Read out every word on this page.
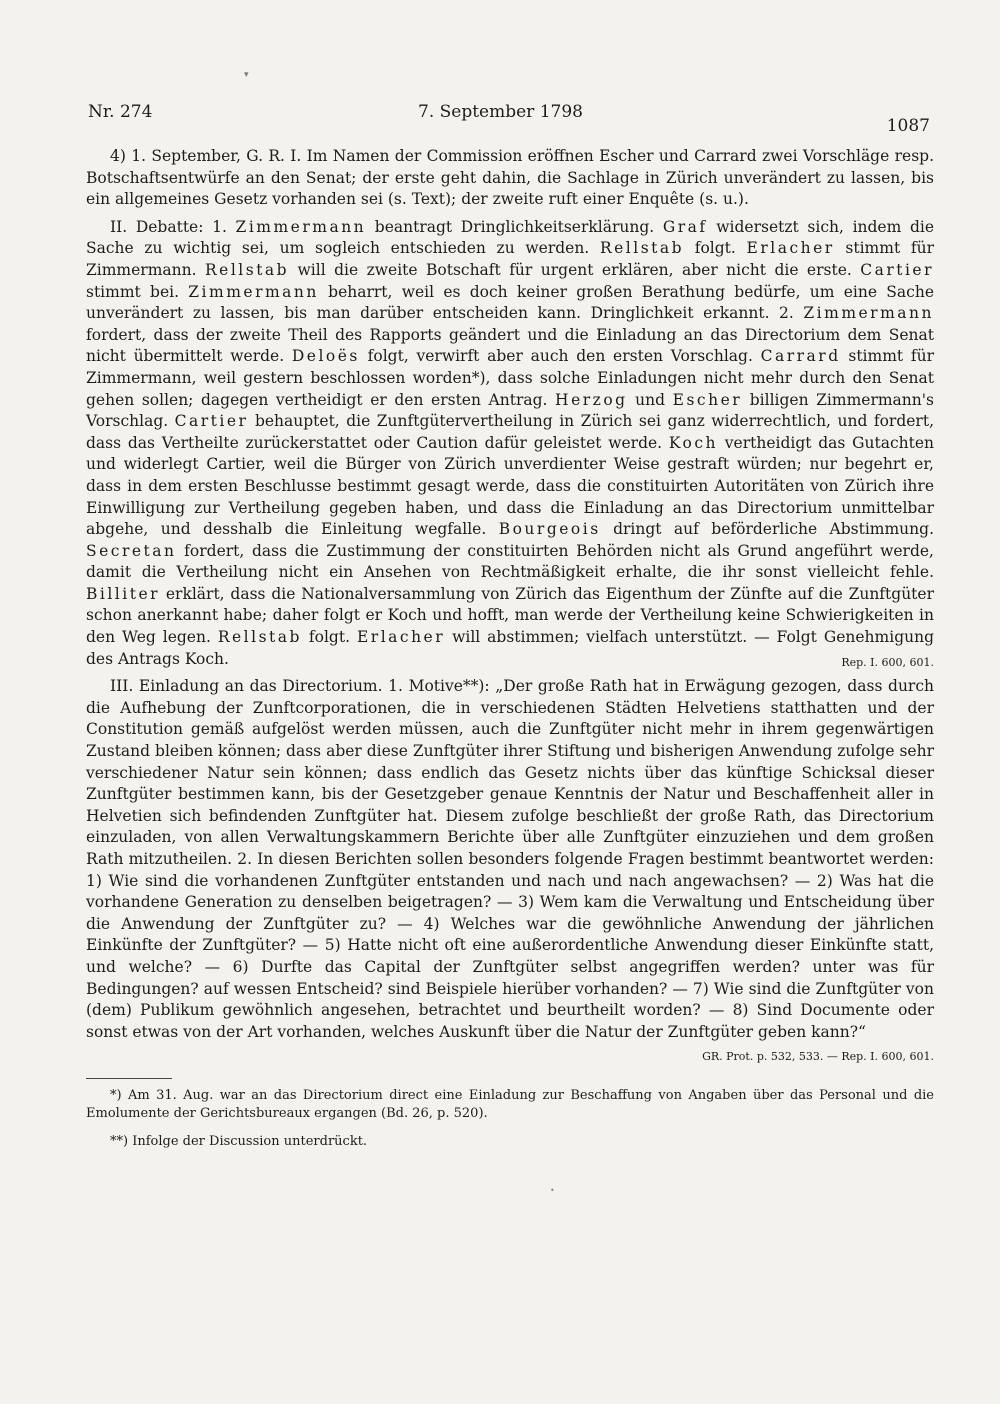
▾
Nr. 274	7. September 1798
1087

4) 1. September, G. R. I. Im Namen der Commission eröffnen Escher und Carrard zwei Vorschläge resp. Botschaftsentwürfe an den Senat; der erste geht dahin, die Sachlage in Zürich unverändert zu lassen, bis ein allgemeines Gesetz vorhanden sei (s. Text); der zweite ruft einer Enquête (s. u.).

II. Debatte: 1. Zimmermann beantragt Dringlichkeitserklärung. Graf widersetzt sich, indem die Sache zu wichtig sei, um sogleich entschieden zu werden. Rellstab folgt. Erlacher stimmt für Zimmermann. Rellstab will die zweite Botschaft für urgent erklären, aber nicht die erste. Cartier stimmt bei. Zimmermann beharrt, weil es doch keiner großen Berathung bedürfe, um eine Sache unverändert zu lassen, bis man darüber entscheiden kann. Dringlichkeit erkannt. 2. Zimmermann fordert, dass der zweite Theil des Rapports geändert und die Einladung an das Directorium dem Senat nicht übermittelt werde. Deloës folgt, verwirft aber auch den ersten Vorschlag. Carrard stimmt für Zimmermann, weil gestern beschlossen worden*), dass solche Einladungen nicht mehr durch den Senat gehen sollen; dagegen vertheidigt er den ersten Antrag. Herzog und Escher billigen Zimmermann's Vorschlag. Cartier behauptet, die Zunftgütervertheilung in Zürich sei ganz widerrechtlich, und fordert, dass das Vertheilte zurückerstattet oder Caution dafür geleistet werde. Koch vertheidigt das Gutachten und widerlegt Cartier, weil die Bürger von Zürich unverdienter Weise gestraft würden; nur begehrt er, dass in dem ersten Beschlusse bestimmt gesagt werde, dass die constituirten Autoritäten von Zürich ihre Einwilligung zur Vertheilung gegeben haben, und dass die Einladung an das Directorium unmittelbar abgehe, und desshalb die Einleitung wegfalle. Bourgeois dringt auf beförderliche Abstimmung. Secretan fordert, dass die Zustimmung der constituirten Behörden nicht als Grund angeführt werde, damit die Vertheilung nicht ein Ansehen von Rechtmäßigkeit erhalte, die ihr sonst vielleicht fehle. Billiter erklärt, dass die Nationalversammlung von Zürich das Eigenthum der Zünfte auf die Zunftgüter schon anerkannt habe; daher folgt er Koch und hofft, man werde der Vertheilung keine Schwierigkeiten in den Weg legen. Rellstab folgt. Erlacher will abstimmen; vielfach unterstützt. — Folgt Genehmigung des Antrags Koch.	Rep. I. 600, 601.

III. Einladung an das Directorium. 1. Motive**): „Der große Rath hat in Erwägung gezogen, dass durch die Aufhebung der Zunftcorporationen, die in verschiedenen Städten Helvetiens statthatten und der Constitution gemäß aufgelöst werden müssen, auch die Zunftgüter nicht mehr in ihrem gegenwärtigen Zustand bleiben können; dass aber diese Zunftgüter ihrer Stiftung und bisherigen Anwendung zufolge sehr verschiedener Natur sein können; dass endlich das Gesetz nichts über das künftige Schicksal dieser Zunftgüter bestimmen kann, bis der Gesetzgeber genaue Kenntnis der Natur und Beschaffenheit aller in Helvetien sich befindenden Zunftgüter hat. Diesem zufolge beschließt der große Rath, das Directorium einzuladen, von allen Verwaltungskammern Berichte über alle Zunftgüter einzuziehen und dem großen Rath mitzutheilen. 2. In diesen Berichten sollen besonders folgende Fragen bestimmt beantwortet werden: 1) Wie sind die vorhandenen Zunftgüter entstanden und nach und nach angewachsen? — 2) Was hat die vorhandene Generation zu denselben beigetragen? — 3) Wem kam die Verwaltung und Entscheidung über die Anwendung der Zunftgüter zu? — 4) Welches war die gewöhnliche Anwendung der jährlichen Einkünfte der Zunftgüter? — 5) Hatte nicht oft eine außerordentliche Anwendung dieser Einkünfte statt, und welche? — 6) Durfte das Capital der Zunftgüter selbst angegriffen werden? unter was für Bedingungen? auf wessen Entscheid? sind Beispiele hierüber vorhanden? — 7) Wie sind die Zunftgüter von (dem) Publikum gewöhnlich angesehen, betrachtet und beurtheilt worden? — 8) Sind Documente oder sonst etwas von der Art vorhanden, welches Auskunft über die Natur der Zunftgüter geben kann?“
GR. Prot. p. 532, 533. — Rep. I. 600, 601.

*) Am 31. Aug. war an das Directorium direct eine Einladung zur Beschaffung von Angaben über das Personal und die Emolumente der Gerichtsbureaux ergangen (Bd. 26, p. 520).

**) Infolge der Discussion unterdrückt.

•
